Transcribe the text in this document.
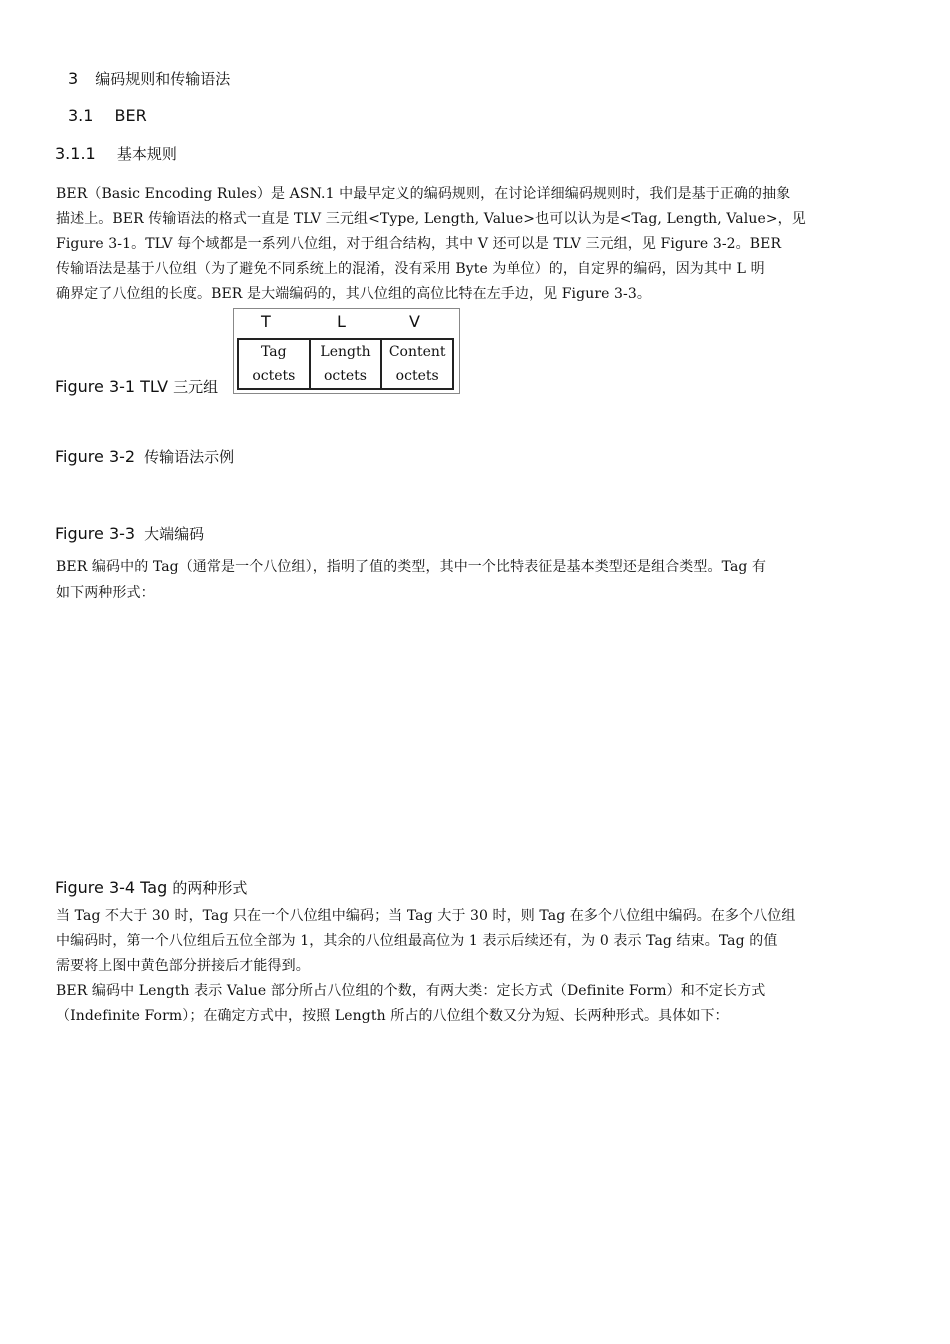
3 编码规则和传输语法
3.1 BER
3.1.1 基本规则
BER（Basic Encoding Rules）是 ASN.1 中最早定义的编码规则，在讨论详细编码规则时，我们是基于正确的抽象
描述上。BER 传输语法的格式一直是 TLV 三元组<Type, Length, Value>也可以认为是<Tag, Length, Value>，见
Figure 3-1。TLV 每个域都是一系列八位组，对于组合结构，其中 V 还可以是 TLV 三元组，见 Figure 3-2。BER
传输语法是基于八位组（为了避免不同系统上的混淆，没有采用 Byte 为单位）的，自定界的编码，因为其中 L 明
确界定了八位组的长度。BER 是大端编码的，其八位组的高位比特在左手边，见 Figure 3-3。
Figure 3-1 TLV 三元组
T	L	V
Tag
octets
Length
octets
Content
octets
Figure 3-2 传输语法示例
Figure 3-3 大端编码
BER 编码中的 Tag（通常是一个八位组），指明了值的类型，其中一个比特表征是基本类型还是组合类型。Tag 有
如下两种形式：
Figure 3-4 Tag 的两种形式
当 Tag 不大于 30 时，Tag 只在一个八位组中编码；当 Tag 大于 30 时，则 Tag 在多个八位组中编码。在多个八位组
中编码时，第一个八位组后五位全部为 1，其余的八位组最高位为 1 表示后续还有，为 0 表示 Tag 结束。Tag 的值
需要将上图中黄色部分拼接后才能得到。
BER 编码中 Length 表示 Value 部分所占八位组的个数，有两大类：定长方式（Definite Form）和不定长方式
（Indefinite Form）；在确定方式中，按照 Length 所占的八位组个数又分为短、长两种形式。具体如下：
